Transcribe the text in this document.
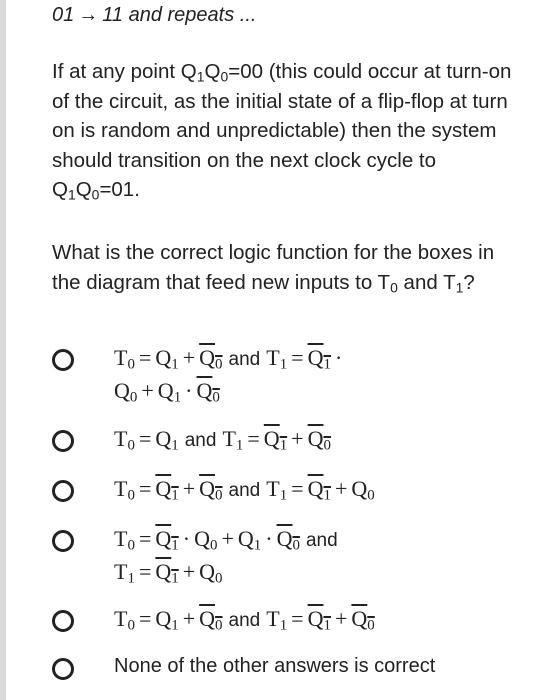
01 → 11 and repeats ...
If at any point $Q_1Q_0=00$ (this could occur at turn-on of the circuit, as the initial state of a flip-flop at turn on is random and unpredictable) then the system should transition on the next clock cycle to $Q_1Q_0=01$.
What is the correct logic function for the boxes in the diagram that feed new inputs to $T_0$ and $T_1$?
$T_0 = Q_1 + Q_0$ and $T_1 = Q_1$ ·
$Q_0 + Q_1 \cdot Q_0$
$T_0 = Q_1$ and $T_1 = Q_1 + Q_0$
$T_0 = Q_1 + Q_0$ and $T_1 = Q_1 + Q_0$
$T_0 = Q_1 \cdot Q_0 + Q_1 \cdot Q_0$ and
$T_1 = Q_1 + Q_0$
$T_0 = Q_1 + Q_0$ and $T_1 = Q_1 + Q_0$
None of the other answers is correct
